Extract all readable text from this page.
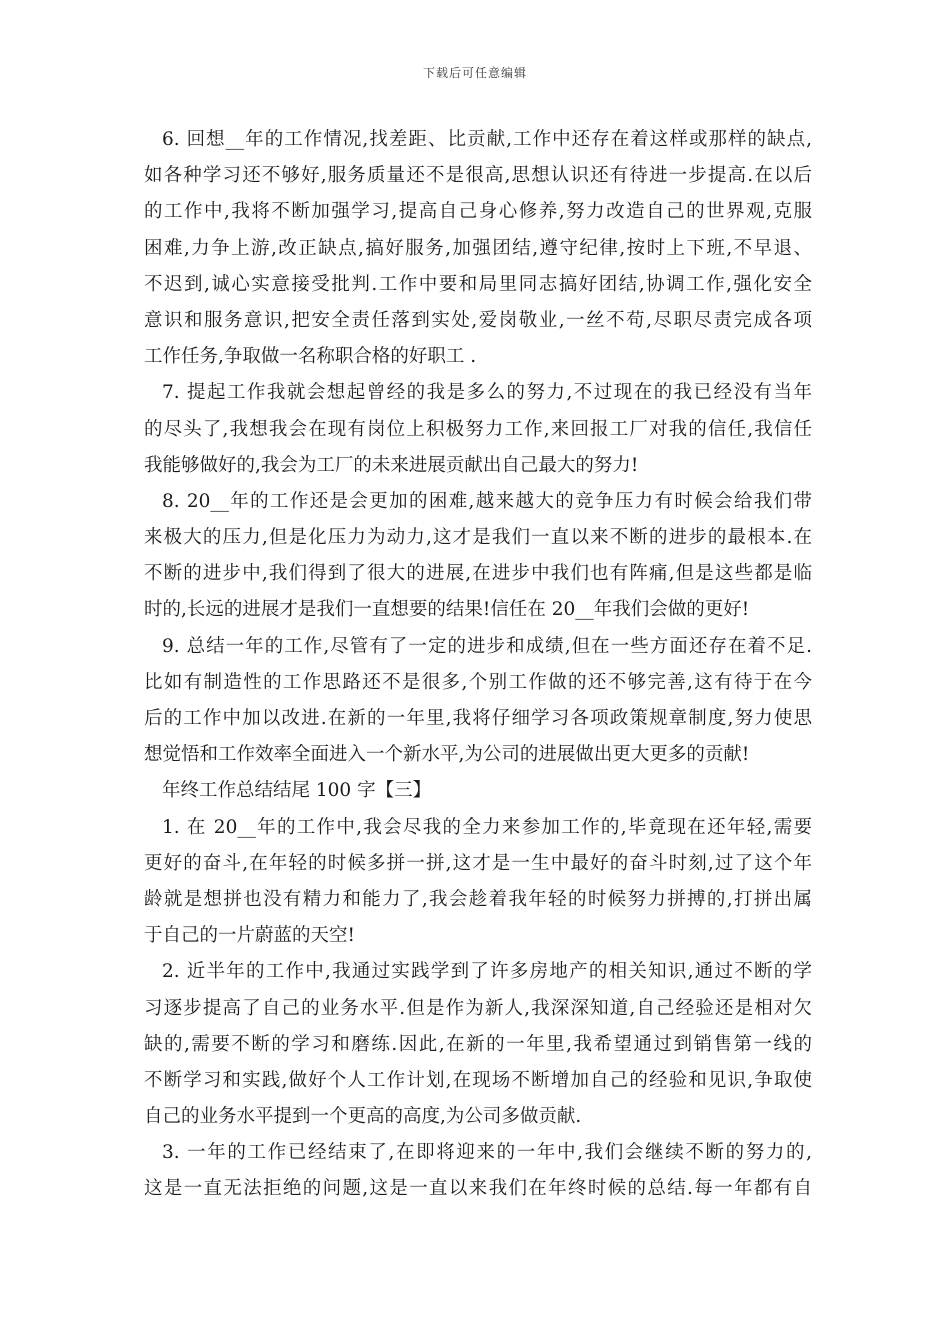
下载后可任意编辑
6. 回想__年的工作情况,找差距、比贡献,工作中还存在着这样或那样的缺点,
如各种学习还不够好,服务质量还不是很高,思想认识还有待进一步提高.在以后
的工作中,我将不断加强学习,提高自己身心修养,努力改造自己的世界观,克服
困难,力争上游,改正缺点,搞好服务,加强团结,遵守纪律,按时上下班,不早退、
不迟到,诚心实意接受批判.工作中要和局里同志搞好团结,协调工作,强化安全
意识和服务意识,把安全责任落到实处,爱岗敬业,一丝不苟,尽职尽责完成各项
工作任务,争取做一名称职合格的好职工 .
7. 提起工作我就会想起曾经的我是多么的努力,不过现在的我已经没有当年
的尽头了,我想我会在现有岗位上积极努力工作,来回报工厂对我的信任,我信任
我能够做好的,我会为工厂的未来进展贡献出自己最大的努力!
8. 20__年的工作还是会更加的困难,越来越大的竞争压力有时候会给我们带
来极大的压力,但是化压力为动力,这才是我们一直以来不断的进步的最根本.在
不断的进步中,我们得到了很大的进展,在进步中我们也有阵痛,但是这些都是临
时的,长远的进展才是我们一直想要的结果!信任在 20__年我们会做的更好!
9. 总结一年的工作,尽管有了一定的进步和成绩,但在一些方面还存在着不足.
比如有制造性的工作思路还不是很多,个别工作做的还不够完善,这有待于在今
后的工作中加以改进.在新的一年里,我将仔细学习各项政策规章制度,努力使思
想觉悟和工作效率全面进入一个新水平,为公司的进展做出更大更多的贡献!
年终工作总结结尾 100 字【三】
1. 在 20__年的工作中,我会尽我的全力来参加工作的,毕竟现在还年轻,需要
更好的奋斗,在年轻的时候多拼一拼,这才是一生中最好的奋斗时刻,过了这个年
龄就是想拼也没有精力和能力了,我会趁着我年轻的时候努力拼搏的,打拼出属
于自己的一片蔚蓝的天空!
2. 近半年的工作中,我通过实践学到了许多房地产的相关知识,通过不断的学
习逐步提高了自己的业务水平.但是作为新人,我深深知道,自己经验还是相对欠
缺的,需要不断的学习和磨练.因此,在新的一年里,我希望通过到销售第一线的
不断学习和实践,做好个人工作计划,在现场不断增加自己的经验和见识,争取使
自己的业务水平提到一个更高的高度,为公司多做贡献.
3. 一年的工作已经结束了,在即将迎来的一年中,我们会继续不断的努力的,
这是一直无法拒绝的问题,这是一直以来我们在年终时候的总结.每一年都有自
